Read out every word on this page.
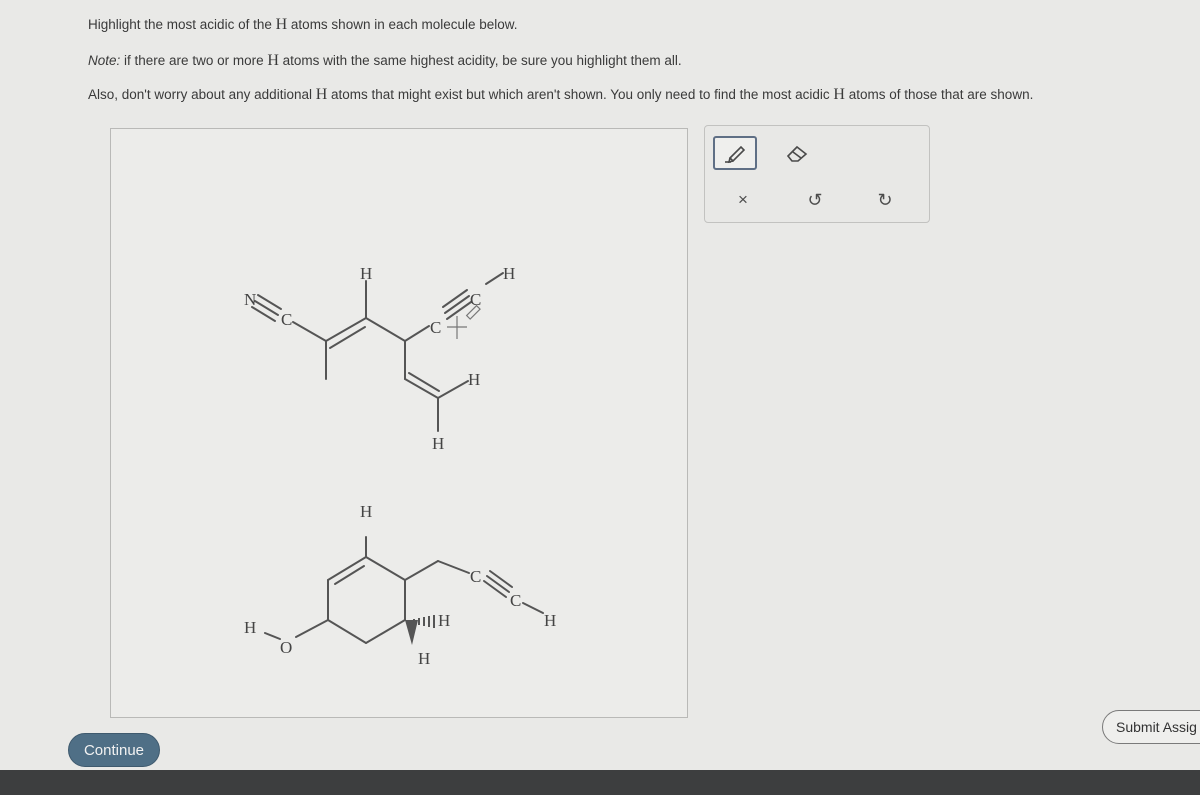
Highlight the most acidic of the H atoms shown in each molecule below.
Note: if there are two or more H atoms with the same highest acidity, be sure you highlight them all.
Also, don't worry about any additional H atoms that might exist but which aren't shown. You only need to find the most acidic H atoms of those that are shown.
N
C
H
C
C
H
H
H
H
H
O
H
H
C
C
H
×	↺	↻
Continue
Submit Assig
